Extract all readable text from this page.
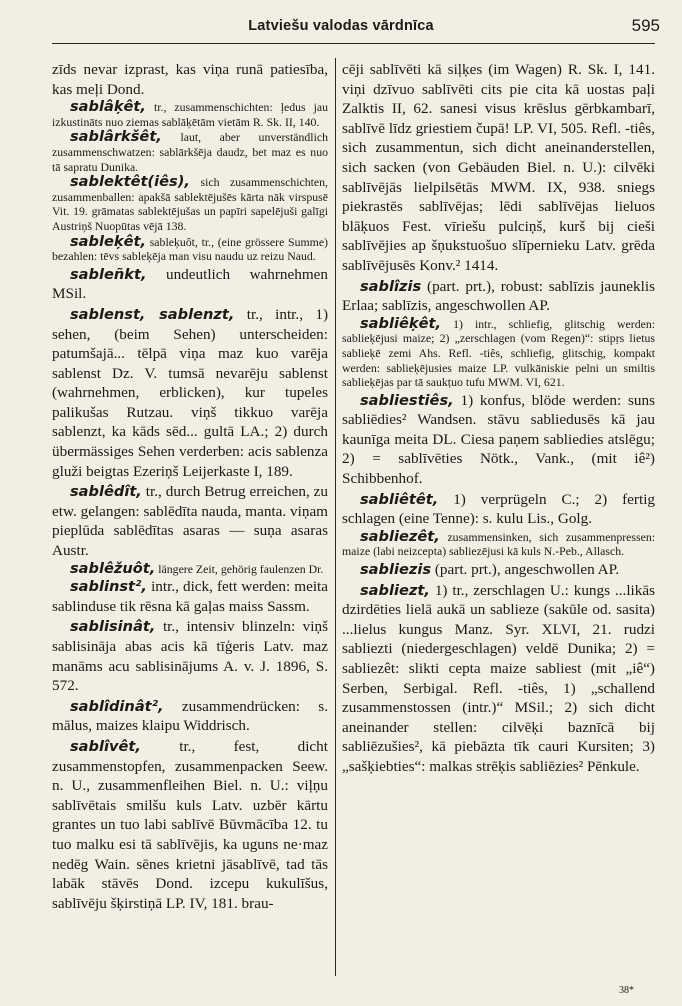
Latviešu valodas vārdnīca	595
zīds nevar izprast, kas viņa runā patiesība, kas meļi Dond.
sablâķêt, tr., zusammenschichten: ļedus jau izkustināts nuo ziemas sablāķētām vietām R. Sk. II, 140.
sablârkšêt, laut, aber unverständlich zusammenschwatzen: sablārkšēja daudz, bet maz es nuo tā sapratu Dunika.
sablektêt(iês), sich zusammenschichten, zusammenballen: apakšā sablektējušēs kārta nāk virspusē Vit. 19. grāmatas sablektējušas un papīri sapelējuši galīgi Austriņš Nuopūtas vējā 138.
sableķêt, sableķuôt, tr., (eine grössere Summe) bezahlen: tēvs sableķēja man visu naudu uz reizu Naud.
sableñkt, undeutlich wahrnehmen MSil.
sablenst, sablenzt, tr., intr., 1) sehen, (beim Sehen) unterscheiden: patumšajā... tēlpā viņa maz kuo varēja sablenst Dz. V. tumsā nevarēju sablenst (wahrnehmen, erblicken), kur tupeles palikušas Rutzau. viņš tikkuo varēja sablenzt, ka kāds sēd... gultā LA.; 2) durch übermässiges Sehen verderben: acis sablenza gluži beigtas Ezeriņš Leijerkaste I, 189.
sablêdît, tr., durch Betrug erreichen, zu etw. gelangen: sablēdīta nauda, manta. viņam pieplūda sablēdītas asaras — suņa asaras Austr.
sablêžuôt, längere Zeit, gehörig faulenzen Dr.
sablinst², intr., dick, fett werden: meita sablinduse tik rēsna kā gaļas maiss Sassm.
sablisinât, tr., intensiv blinzeln: viņš sablisināja abas acis kā tīģeris Latv. maz manāms acu sablisinājums A. v. J. 1896, S. 572.
sablîdinât², zusammendrücken: s. mālus, maizes klaipu Widdrisch.
sablîvêt,	tr., fest, dicht zusammenstopfen, zusammenpacken Seew. n. U., zusammenfleihen Biel. n. U.: viļņu sablīvētais smilšu kuls Latv. uzbēr kārtu grantes un tuo labi sablīvē Būvmācība 12. tu tuo malku esi tā sablīvējis, ka uguns ne·maz nedēg Wain. sēnes krietni jāsablīvē, tad tās labāk stāvēs Dond. izcepu kukulīšus, sablīvēju šķirstiņā LP. IV, 181. brau-
cēji sablīvēti kā siļķes (im Wagen) R. Sk. I, 141. viņi dzīvuo sablīvēti cits pie cita kā uostas paļi Zalktis II, 62. sanesi visus krēslus gērbkambarī, sablīvē līdz griestiem čupā! LP. VI, 505. Refl. -tiês, sich zusammentun, sich dicht aneinanderstellen, sich sacken (von Gebäuden Biel. n. U.): cilvēki sablīvējās lielpilsētās MWM. IX, 938. sniegs piekrastēs sablīvējas; lēdi sablīvējas lieluos blāķuos Fest. vīriešu pulciņš, kurš bij cieši sablīvējies ap šņukstuošuo slīpernieku Latv. grēda sablīvējusēs Konv.² 1414.
sablîzis (part. prt.), robust: sablīzis jauneklis Erlaa; sablīzis, angeschwollen AP.
sabliêķêt, 1) intr., schliefig, glitschig werden: sablieķējusi maize; 2) „zerschlagen (vom Regen)“: stipṛs lietus sablieķē zemi Ahs. Refl. -tiês, schliefig, glitschig, kompakt werden: sablieķējusies maize LP. vulkāniskie pelni un smiltis sablieķējas par tā saukṭuo tufu MWM. VI, 621.
sabliestiês, 1) konfus, blöde werden: suns sabliēdies² Wandsen. stāvu sabliedusēs kā jau kaunīga meita DL. Ciesa paņem sabliedies atslēgu; 2) = sablīvēties Nötk., Vank., (mit iê²) Schibbenhof.
sabliêtêt, 1) verprügeln C.; 2) fertig schlagen (eine Tenne): s. kulu Lis., Golg.
sabliezêt, zusammensinken, sich zusammenpressen: maize (labi neizcepta) sabliezējusi kā kuls N.-Peb., Allasch.
sabliezis (part. prt.), angeschwollen AP.
sabliezt, 1) tr., zerschlagen U.: kungs ...likās dzirdēties lielā aukā un sablieze (sakūle od. sasita) ...lielus kungus Manz. Syr. XLVI, 21. rudzi sabliezti (niedergeschlagen) veldē Dunika; 2) = sabliezêt: slikti cepta maize sabliest (mit „iê“) Serben, Serbigal. Refl. -tiês, 1) „schallend zusammenstossen (intr.)“ MSil.; 2) sich dicht aneinander stellen: cilvēķi baznīcā bij sabliēzušies², kā piebāzta tīk cauri Kursiten; 3) „sašķiebties“: malkas strēķis sabliēzies² Pēnkule.
38*
